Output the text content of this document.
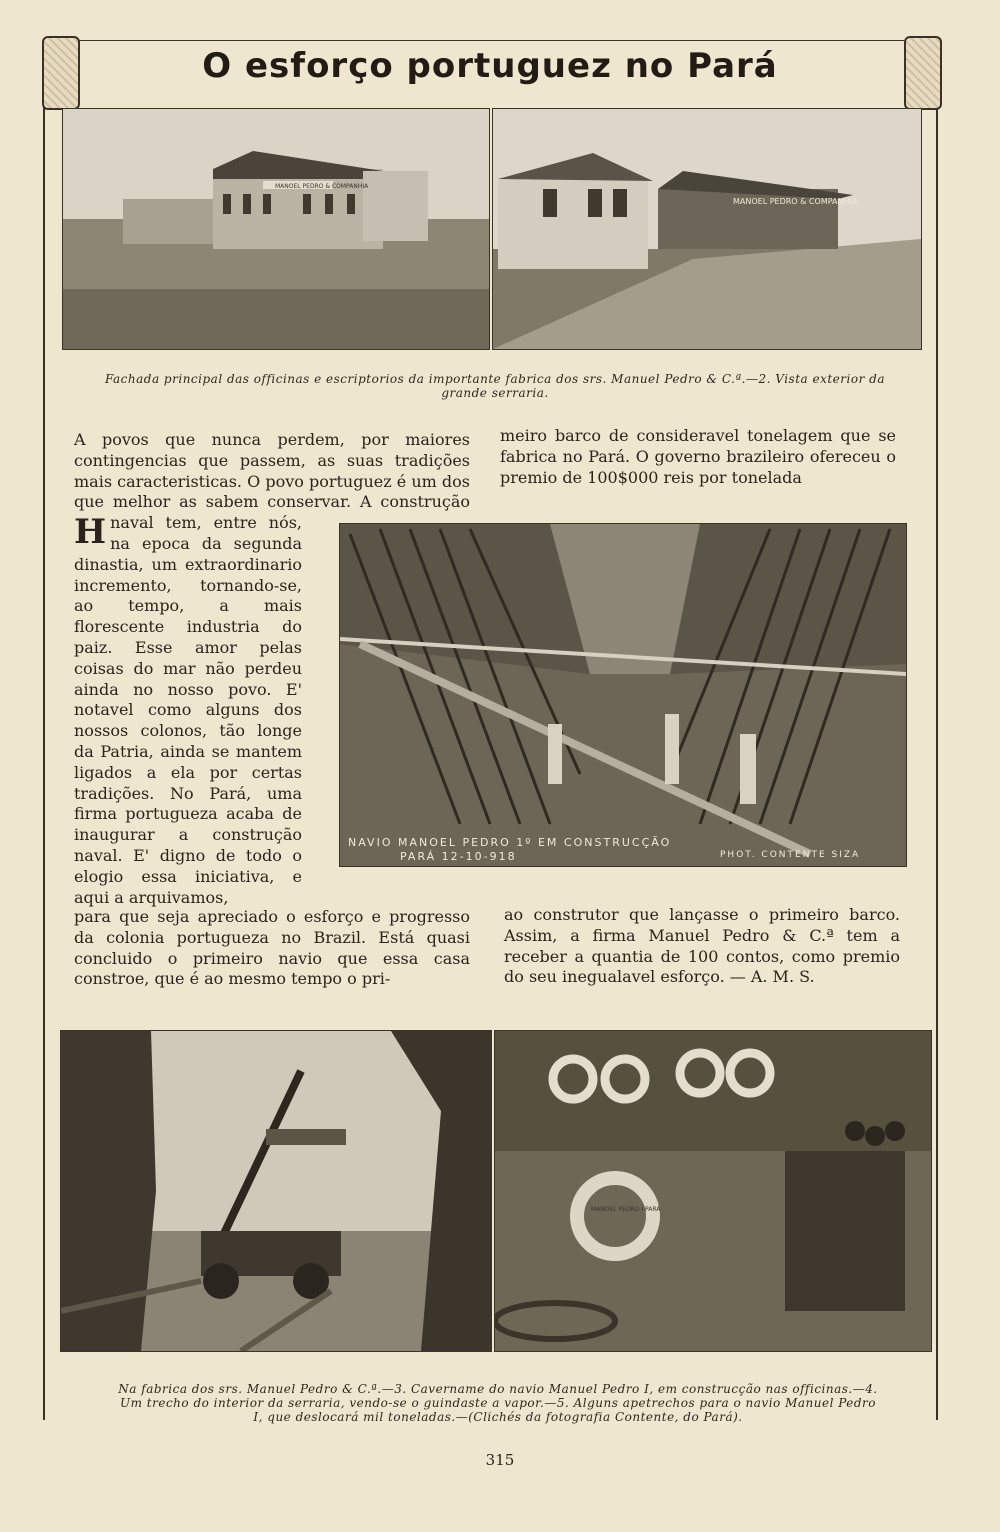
O esforço portuguez no Pará
MANOEL PEDRO & COMPANHIA
MANOEL PEDRO & COMPANHIA
Fachada principal das officinas e escriptorios da importante fabrica dos srs. Manuel Pedro & C.ª.—2. Vista exterior da grande serraria.
H
A povos que nunca perdem, por maiores contingencias que passem, as suas tradições mais caracteristicas. O povo portuguez é um dos que melhor as sabem conservar. A construção naval tem, entre nós, na epoca da segunda dinastia, um extraordinario incremento, tornando-se, ao tempo, a mais florescente industria do paiz. Esse amor pelas coisas do mar não perdeu ainda no nosso povo. E' notavel como alguns dos nossos colonos, tão longe da Patria, ainda se mantem ligados a ela por certas tradições. No Pará, uma firma portugueza acaba de inaugurar a construção naval. E' digno de todo o elogio essa iniciativa, e aqui a arquivamos,
meiro barco de consideravel tonelagem que se fabrica no Pará. O governo brazileiro ofereceu o premio de 100$000 reis por tonelada
NAVIO MANOEL PEDRO 1º EM CONSTRUCÇÃO
PARÁ 12-10-918	PHOT. CONTENTE SIZA
para que seja apreciado o esforço e progresso da colonia portugueza no Brazil. Está quasi concluido o primeiro navio que essa casa constroe, que é ao mesmo tempo o pri-
ao construtor que lançasse o primeiro barco. Assim, a firma Manuel Pedro & C.ª tem a receber a quantia de 100 contos, como premio do seu inegualavel esforço. — A. M. S.
MANOEL PEDRO I PARÁ
Na fabrica dos srs. Manuel Pedro & C.ª.—3. Cavername do navio Manuel Pedro I, em construcção nas officinas.—4. Um trecho do interior da serraria, vendo-se o guindaste a vapor.—5. Alguns apetrechos para o navio Manuel Pedro I, que deslocará mil toneladas.—(Clichés da fotografia Contente, do Pará).
315
